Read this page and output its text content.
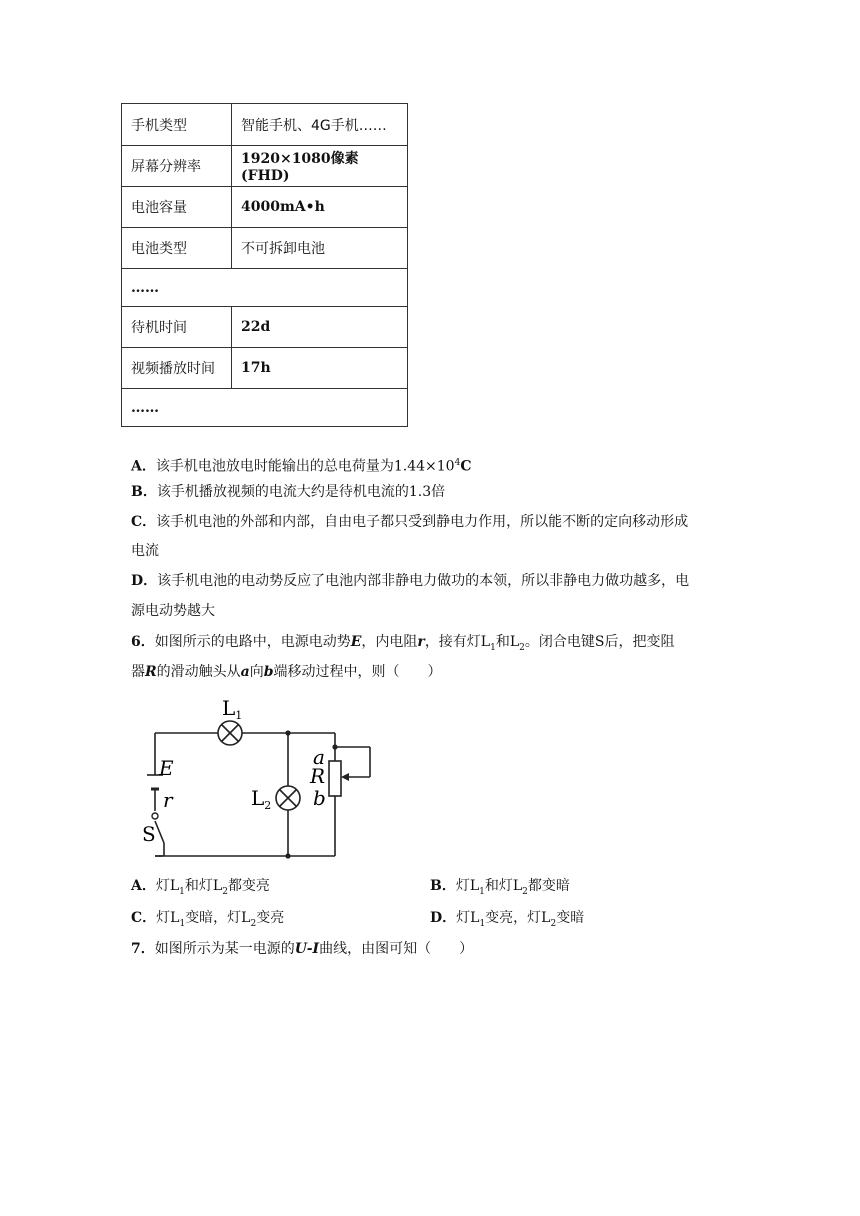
手机类型	智能手机、4G手机……
屏幕分辨率	1920×1080像素(FHD)
电池容量	4000mA•h
电池类型	不可拆卸电池
……	
待机时间	22d
视频播放时间	17h
……	
A．该手机电池放电时能输出的总电荷量为$1.44\times 10^4C$
B．该手机播放视频的电流大约是待机电流的1.3倍
C．该手机电池的外部和内部，自由电子都只受到静电力作用，所以能不断的定向移动形成
电流
D．该手机电池的电动势反应了电池内部非静电力做功的本领，所以非静电力做功越多，电
源电动势越大
6．如图所示的电路中，电源电动势E，内电阻r，接有灯$L_1$和$L_2$。闭合电键S后，把变阻
器R的滑动触头从a向b端移动过程中，则（　　）
$L_1$
$L_2$
E
r
S
a
R
b
A．灯$L_1$和灯$L_2$都变亮	B．灯$L_1$和灯$L_2$都变暗
C．灯$L_1$变暗，灯$L_2$变亮	D．灯$L_1$变亮，灯$L_2$变暗
7．如图所示为某一电源的U-I曲线，由图可知（　　）
